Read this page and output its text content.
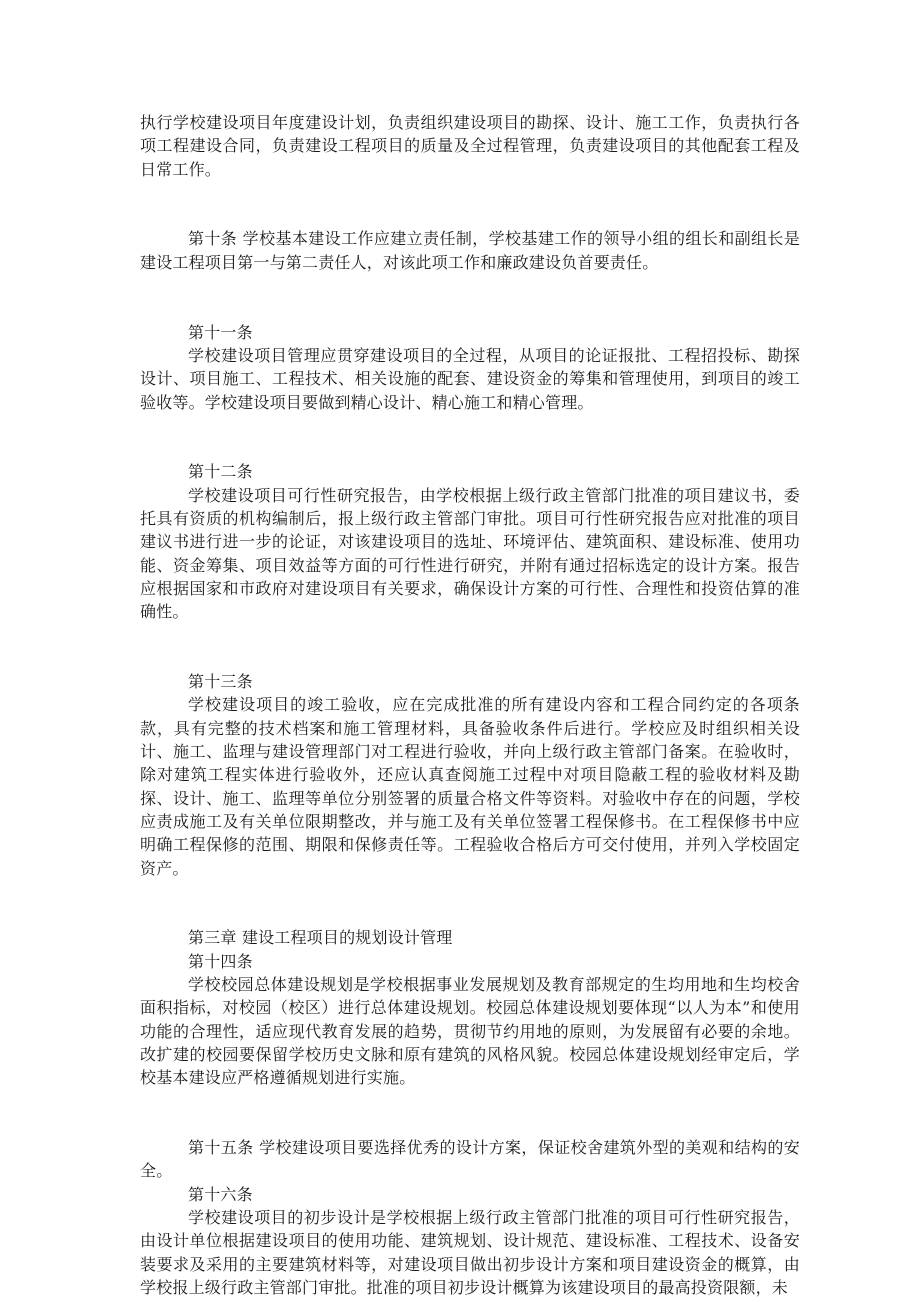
执行学校建设项目年度建设计划，负责组织建设项目的勘探、设计、施工工作，负责执行各项工程建设合同，负责建设工程项目的质量及全过程管理，负责建设项目的其他配套工程及日常工作。

第十条 学校基本建设工作应建立责任制，学校基建工作的领导小组的组长和副组长是建设工程项目第一与第二责任人，对该此项工作和廉政建设负首要责任。

第十一条

学校建设项目管理应贯穿建设项目的全过程，从项目的论证报批、工程招投标、勘探设计、项目施工、工程技术、相关设施的配套、建设资金的筹集和管理使用，到项目的竣工验收等。学校建设项目要做到精心设计、精心施工和精心管理。

第十二条

学校建设项目可行性研究报告，由学校根据上级行政主管部门批准的项目建议书，委托具有资质的机构编制后，报上级行政主管部门审批。项目可行性研究报告应对批准的项目建议书进行进一步的论证，对该建设项目的选址、环境评估、建筑面积、建设标准、使用功能、资金筹集、项目效益等方面的可行性进行研究，并附有通过招标选定的设计方案。报告应根据国家和市政府对建设项目有关要求，确保设计方案的可行性、合理性和投资估算的准确性。

第十三条

学校建设项目的竣工验收，应在完成批准的所有建设内容和工程合同约定的各项条款，具有完整的技术档案和施工管理材料，具备验收条件后进行。学校应及时组织相关设计、施工、监理与建设管理部门对工程进行验收，并向上级行政主管部门备案。在验收时，除对建筑工程实体进行验收外，还应认真查阅施工过程中对项目隐蔽工程的验收材料及勘探、设计、施工、监理等单位分别签署的质量合格文件等资料。对验收中存在的问题，学校应责成施工及有关单位限期整改，并与施工及有关单位签署工程保修书。在工程保修书中应明确工程保修的范围、期限和保修责任等。工程验收合格后方可交付使用，并列入学校固定资产。

第三章 建设工程项目的规划设计管理

第十四条

学校校园总体建设规划是学校根据事业发展规划及教育部规定的生均用地和生均校舍面积指标，对校园（校区）进行总体建设规划。校园总体建设规划要体现“以人为本”和使用功能的合理性，适应现代教育发展的趋势，贯彻节约用地的原则，为发展留有必要的余地。改扩建的校园要保留学校历史文脉和原有建筑的风格风貌。校园总体建设规划经审定后，学校基本建设应严格遵循规划进行实施。

第十五条 学校建设项目要选择优秀的设计方案，保证校舍建筑外型的美观和结构的安全。

第十六条

学校建设项目的初步设计是学校根据上级行政主管部门批准的项目可行性研究报告，由设计单位根据建设项目的使用功能、建筑规划、设计规范、建设标准、工程技术、设备安装要求及采用的主要建筑材料等，对建设项目做出初步设计方案和项目建设资金的概算，由学校报上级行政主管部门审批。批准的项目初步设计概算为该建设项目的最高投资限额，未
